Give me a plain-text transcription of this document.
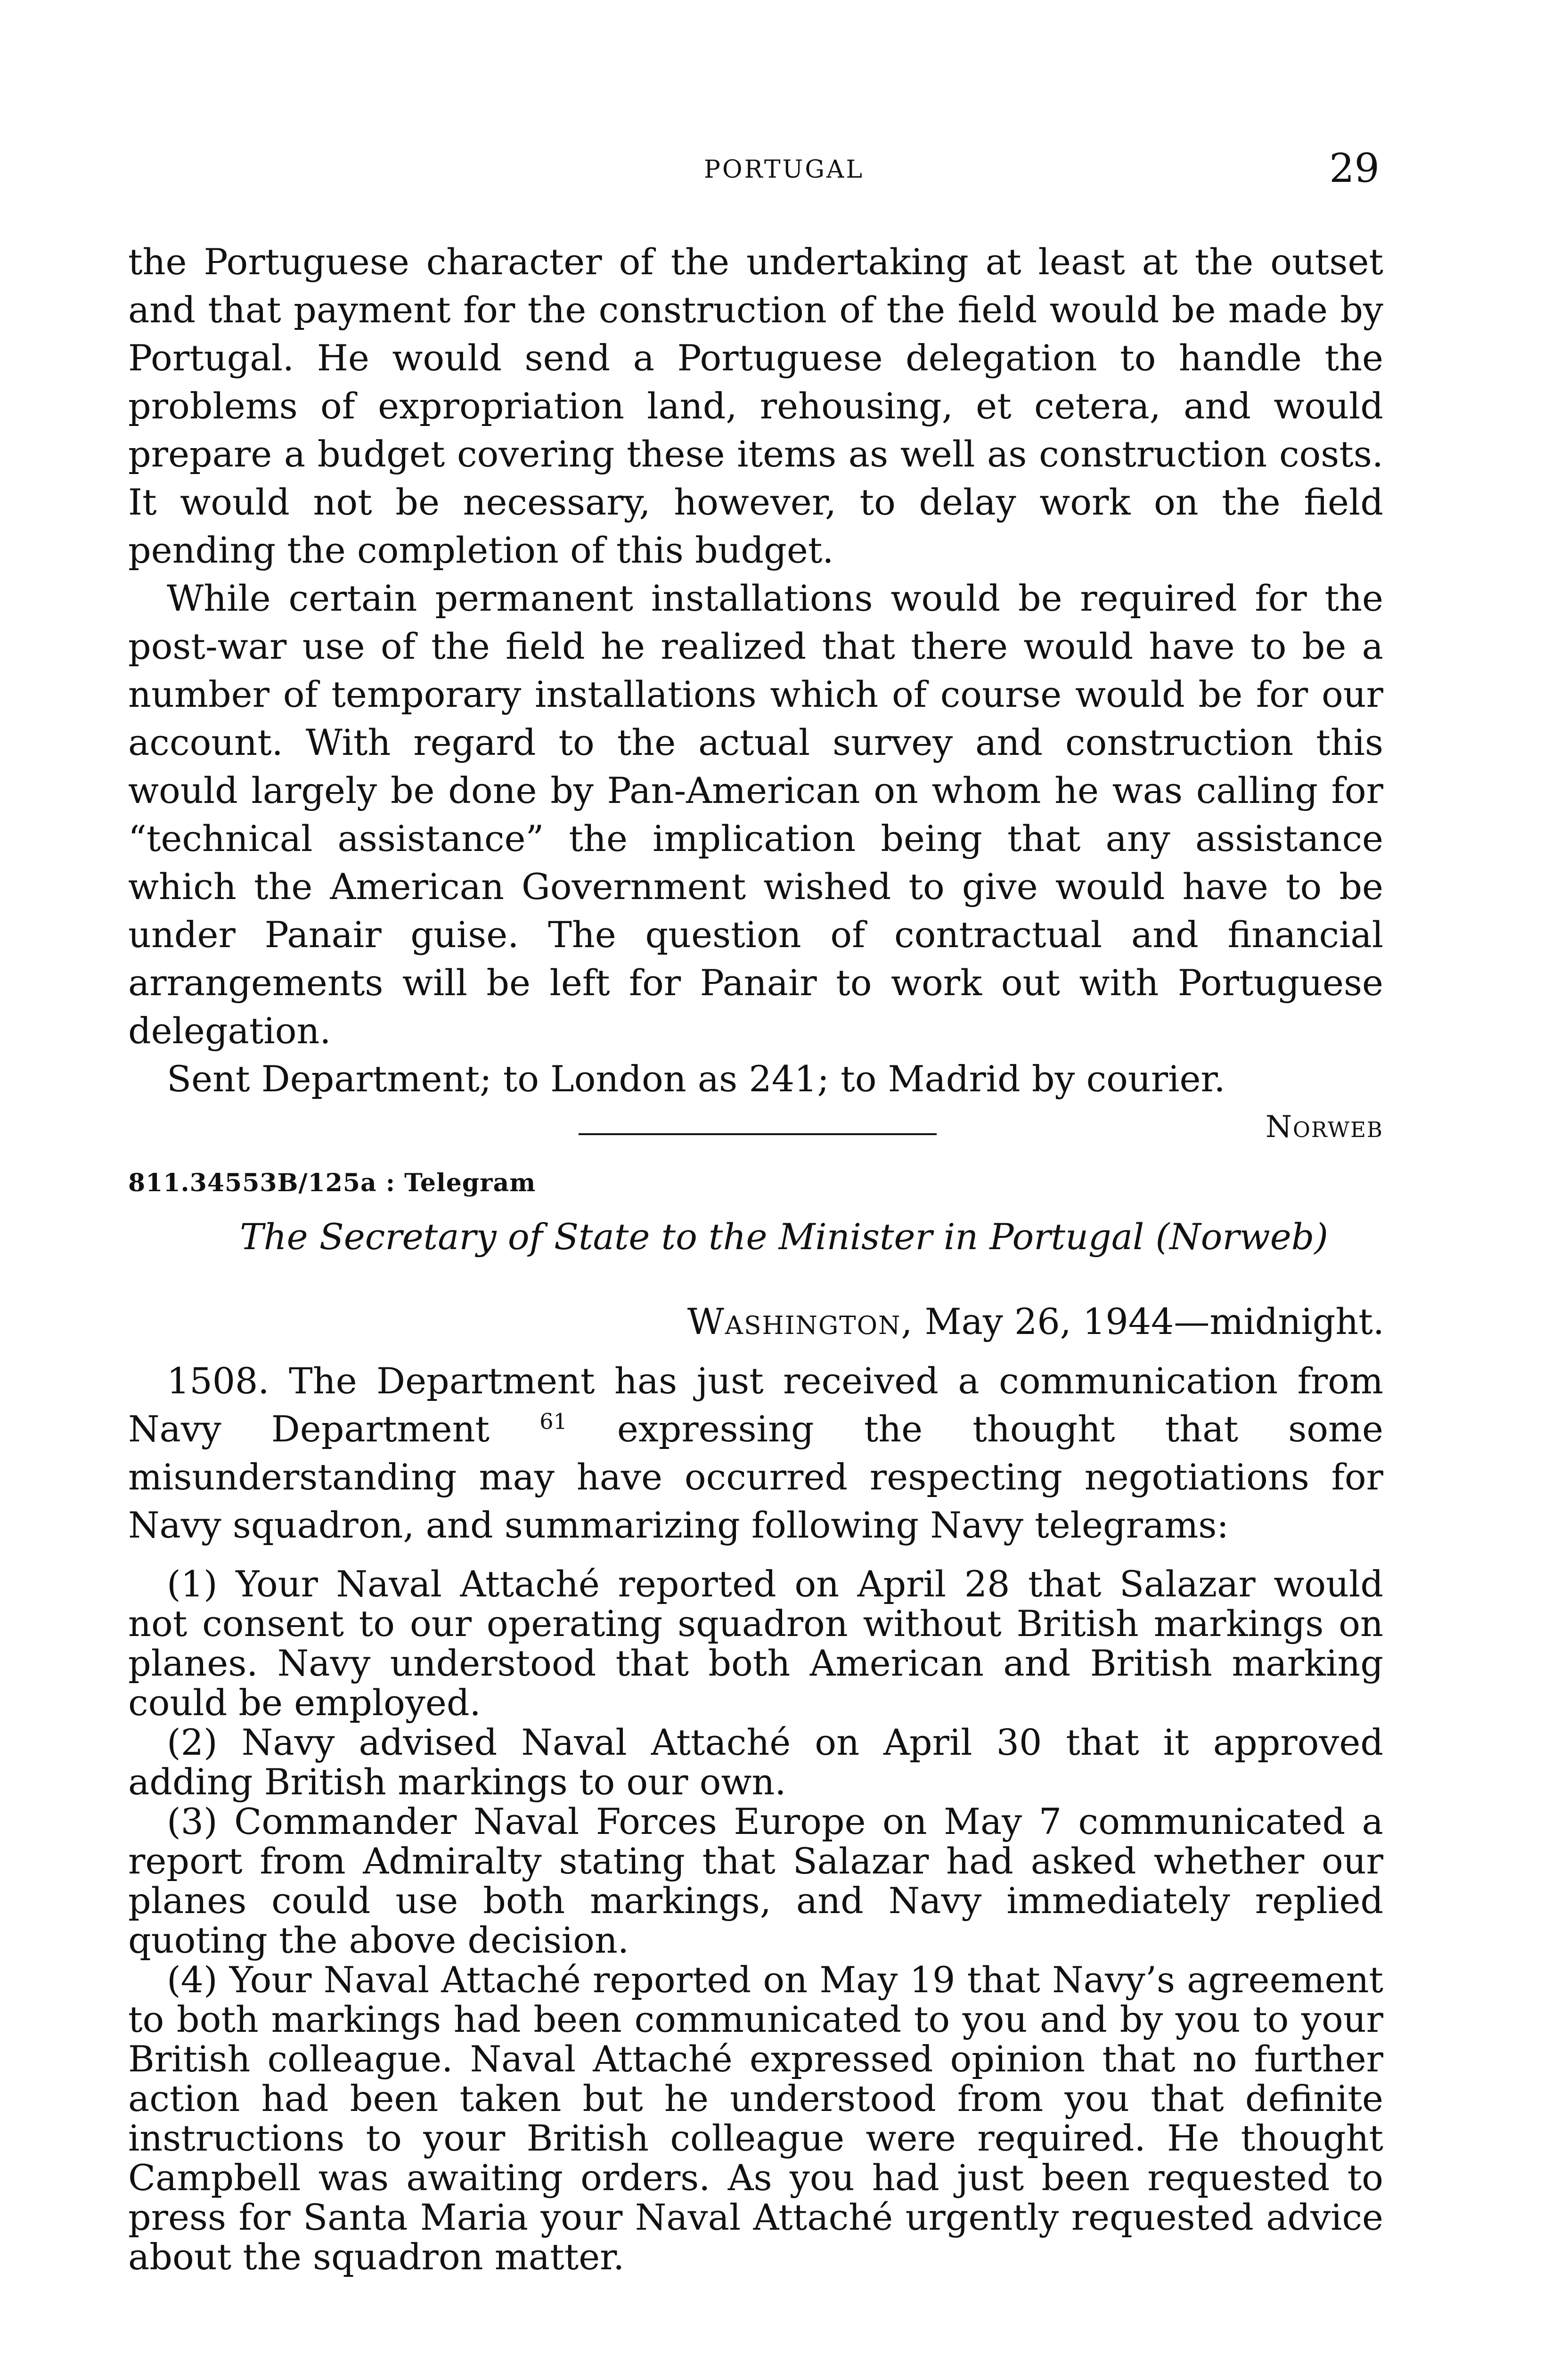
PORTUGAL	29

the Portuguese character of the undertaking at least at the outset and that payment for the construction of the field would be made by Portugal. He would send a Portuguese delegation to handle the problems of expropriation land, rehousing, et cetera, and would prepare a budget covering these items as well as construction costs. It would not be necessary, however, to delay work on the field pending the completion of this budget.

While certain permanent installations would be required for the post-war use of the field he realized that there would have to be a number of temporary installations which of course would be for our account. With regard to the actual survey and construction this would largely be done by Pan-American on whom he was calling for “technical assistance” the implication being that any assistance which the American Government wished to give would have to be under Panair guise. The question of contractual and financial arrangements will be left for Panair to work out with Portuguese delegation.

Sent Department; to London as 241; to Madrid by courier.

Norweb
811.34553B/125a : Telegram
The Secretary of State to the Minister in Portugal (Norweb)
Washington, May 26, 1944—midnight.

1508. The Department has just received a communication from Navy Department $^{61}$ expressing the thought that some misunderstanding may have occurred respecting negotiations for Navy squadron, and summarizing following Navy telegrams:

(1) Your Naval Attaché reported on April 28 that Salazar would not consent to our operating squadron without British markings on planes. Navy understood that both American and British marking could be employed.

(2) Navy advised Naval Attaché on April 30 that it approved adding British markings to our own.

(3) Commander Naval Forces Europe on May 7 communicated a report from Admiralty stating that Salazar had asked whether our planes could use both markings, and Navy immediately replied quoting the above decision.

(4) Your Naval Attaché reported on May 19 that Navy’s agreement to both markings had been communicated to you and by you to your British colleague. Naval Attaché expressed opinion that no further action had been taken but he understood from you that definite instructions to your British colleague were required. He thought Campbell was awaiting orders. As you had just been requested to press for Santa Maria your Naval Attaché urgently requested advice about the squadron matter.
